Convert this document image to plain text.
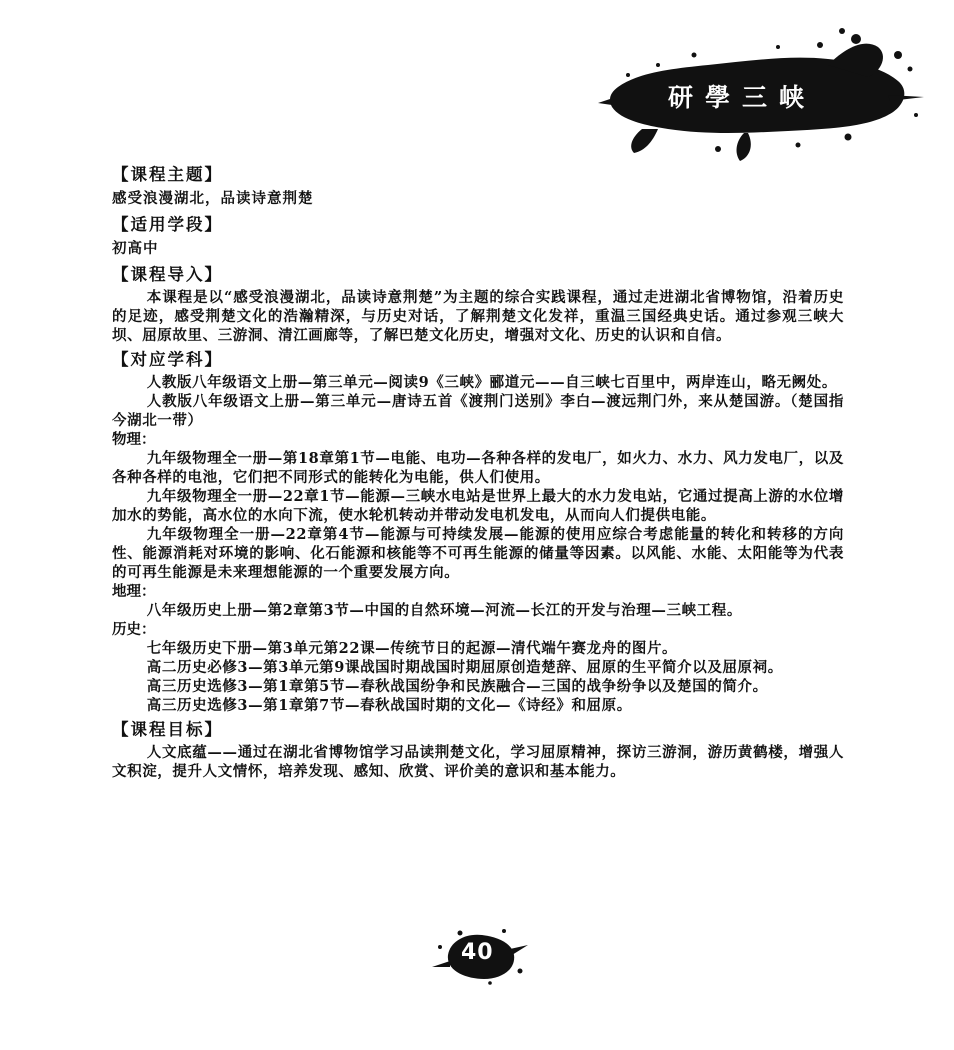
研學三峡
【课程主题】
感受浪漫湖北，品读诗意荆楚
【适用学段】
初高中
【课程导入】

本课程是以“感受浪漫湖北，品读诗意荆楚”为主题的综合实践课程，通过走进湖北省博物馆，沿着历史的足迹，感受荆楚文化的浩瀚精深，与历史对话，了解荆楚文化发祥，重温三国经典史话。通过参观三峡大坝、屈原故里、三游洞、清江画廊等，了解巴楚文化历史，增强对文化、历史的认识和自信。

【对应学科】

人教版八年级语文上册—第三单元—阅读9《三峡》郦道元——自三峡七百里中，两岸连山，略无阙处。

人教版八年级语文上册—第三单元—唐诗五首《渡荆门送别》李白—渡远荆门外，来从楚国游。（楚国指今湖北一带）

物理：

九年级物理全一册—第18章第1节—电能、电功—各种各样的发电厂，如火力、水力、风力发电厂，以及各种各样的电池，它们把不同形式的能转化为电能，供人们使用。

九年级物理全一册—22章1节—能源—三峡水电站是世界上最大的水力发电站，它通过提高上游的水位增加水的势能，高水位的水向下流，使水轮机转动并带动发电机发电，从而向人们提供电能。

九年级物理全一册—22章第4节—能源与可持续发展—能源的使用应综合考虑能量的转化和转移的方向性、能源消耗对环境的影响、化石能源和核能等不可再生能源的储量等因素。以风能、水能、太阳能等为代表的可再生能源是未来理想能源的一个重要发展方向。

地理：

八年级历史上册—第2章第3节—中国的自然环境—河流—长江的开发与治理—三峡工程。

历史：

七年级历史下册—第3单元第22课—传统节日的起源—清代端午赛龙舟的图片。

高二历史必修3—第3单元第9课战国时期战国时期屈原创造楚辞、屈原的生平简介以及屈原祠。

高三历史选修3—第1章第5节—春秋战国纷争和民族融合—三国的战争纷争以及楚国的简介。

高三历史选修3—第1章第7节—春秋战国时期的文化—《诗经》和屈原。

【课程目标】

人文底蕴——通过在湖北省博物馆学习品读荆楚文化，学习屈原精神，探访三游洞，游历黄鹤楼，增强人文积淀，提升人文情怀，培养发现、感知、欣赏、评价美的意识和基本能力。

40
